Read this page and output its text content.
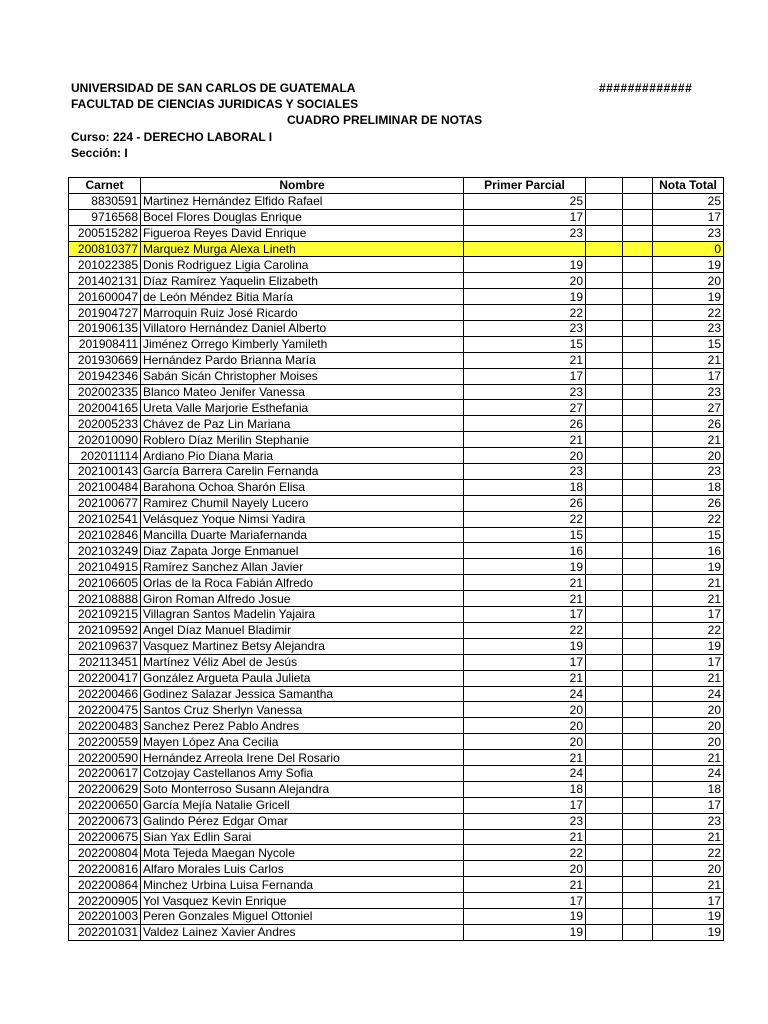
UNIVERSIDAD DE SAN CARLOS DE GUATEMALA
FACULTAD DE CIENCIAS JURIDICAS Y SOCIALES
CUADRO PRELIMINAR DE NOTAS
Curso: 224 - DERECHO LABORAL I
Sección: I
#############
Carnet	Nombre	Primer Parcial			Nota Total
8830591	Martinez Hernández Elfido Rafael	25			25
9716568	Bocel Flores Douglas Enrique	17			17
200515282	Figueroa Reyes David Enrique	23			23
200810377	Marquez Murga Alexa Lineth				0
201022385	Donis Rodriguez Ligia Carolina	19			19
201402131	Díaz Ramírez Yaquelin Elizabeth	20			20
201600047	de León Méndez Bitia María	19			19
201904727	Marroquin Ruiz José Ricardo	22			22
201906135	Villatoro Hernández Daniel Alberto	23			23
201908411	Jiménez Orrego Kimberly Yamileth	15			15
201930669	Hernández Pardo Brianna María	21			21
201942346	Sabán Sicán Christopher Moises	17			17
202002335	Blanco Mateo Jenifer Vanessa	23			23
202004165	Ureta Valle Marjorie Esthefania	27			27
202005233	Chávez de Paz Lin Mariana	26			26
202010090	Roblero Díaz Merilin Stephanie	21			21
202011114	Ardiano Pio Diana Maria	20			20
202100143	García Barrera Carelin Fernanda	23			23
202100484	Barahona Ochoa Sharón Elisa	18			18
202100677	Ramirez Chumil Nayely Lucero	26			26
202102541	Velásquez Yoque Nimsi Yadira	22			22
202102846	Mancilla Duarte Mariafernanda	15			15
202103249	Diaz Zapata Jorge Enmanuel	16			16
202104915	Ramírez Sanchez Allan Javier	19			19
202106605	Orlas de la Roca Fabián Alfredo	21			21
202108888	Giron Roman Alfredo Josue	21			21
202109215	Villagran Santos Madelin Yajaira	17			17
202109592	Angel Díaz Manuel Bladimir	22			22
202109637	Vasquez Martinez Betsy Alejandra	19			19
202113451	Martínez Véliz Abel de Jesús	17			17
202200417	González Argueta Paula Julieta	21			21
202200466	Godinez Salazar Jessica Samantha	24			24
202200475	Santos Cruz Sherlyn Vanessa	20			20
202200483	Sanchez Perez Pablo Andres	20			20
202200559	Mayen López Ana Cecilia	20			20
202200590	Hernández Arreola Irene Del Rosario	21			21
202200617	Cotzojay Castellanos Amy Sofia	24			24
202200629	Soto Monterroso Susann Alejandra	18			18
202200650	García Mejía Natalie Gricell	17			17
202200673	Galindo Pérez Edgar Omar	23			23
202200675	Sian Yax Edlin Sarai	21			21
202200804	Mota Tejeda Maegan Nycole	22			22
202200816	Alfaro Morales Luis Carlos	20			20
202200864	Minchez Urbina Luisa Fernanda	21			21
202200905	Yol Vasquez Kevin Enrique	17			17
202201003	Peren Gonzales Miguel Ottoniel	19			19
202201031	Valdez Lainez Xavier Andres	19			19
